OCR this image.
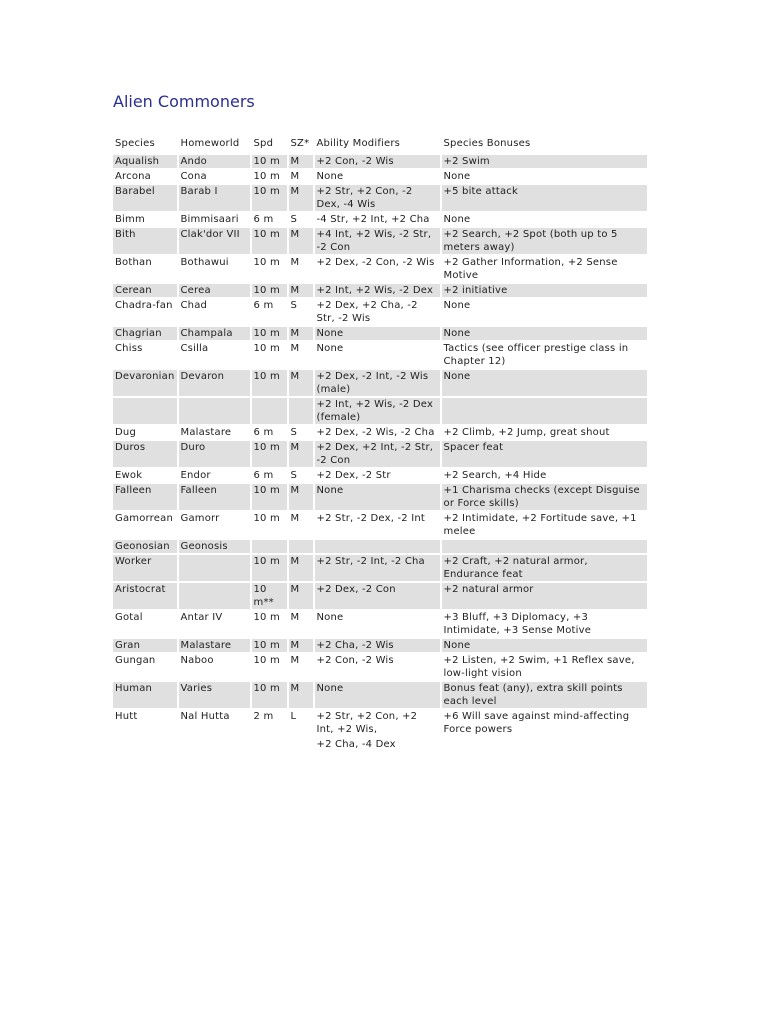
Alien Commoners
Species	Homeworld	Spd	SZ*	Ability Modifiers	Species Bonuses
Aqualish	Ando	10 m	M	+2 Con, -2 Wis	+2 Swim
Arcona	Cona	10 m	M	None	None
Barabel	Barab I	10 m	M	+2 Str, +2 Con, -2 Dex, -4 Wis	+5 bite attack
Bimm	Bimmisaari	6 m	S	-4 Str, +2 Int, +2 Cha	None
Bith	Clak'dor VII	10 m	M	+4 Int, +2 Wis, -2 Str, -2 Con	+2 Search, +2 Spot (both up to 5 meters away)
Bothan	Bothawui	10 m	M	+2 Dex, -2 Con, -2 Wis	+2 Gather Information, +2 Sense Motive
Cerean	Cerea	10 m	M	+2 Int, +2 Wis, -2 Dex	+2 initiative
Chadra-fan	Chad	6 m	S	+2 Dex, +2 Cha, -2 Str, -2 Wis	None
Chagrian	Champala	10 m	M	None	None
Chiss	Csilla	10 m	M	None	Tactics (see officer prestige class in Chapter 12)
Devaronian	Devaron	10 m	M	+2 Dex, -2 Int, -2 Wis (male)	None
				+2 Int, +2 Wis, -2 Dex (female)	
Dug	Malastare	6 m	S	+2 Dex, -2 Wis, -2 Cha	+2 Climb, +2 Jump, great shout
Duros	Duro	10 m	M	+2 Dex, +2 Int, -2 Str, -2 Con	Spacer feat
Ewok	Endor	6 m	S	+2 Dex, -2 Str	+2 Search, +4 Hide
Falleen	Falleen	10 m	M	None	+1 Charisma checks (except Disguise or Force skills)
Gamorrean	Gamorr	10 m	M	+2 Str, -2 Dex, -2 Int	+2 Intimidate, +2 Fortitude save, +1 melee
Geonosian	Geonosis				
Worker		10 m	M	+2 Str, -2 Int, -2 Cha	+2 Craft, +2 natural armor, Endurance feat
Aristocrat		10 m**	M	+2 Dex, -2 Con	+2 natural armor
Gotal	Antar IV	10 m	M	None	+3 Bluff, +3 Diplomacy, +3 Intimidate, +3 Sense Motive
Gran	Malastare	10 m	M	+2 Cha, -2 Wis	None
Gungan	Naboo	10 m	M	+2 Con, -2 Wis	+2 Listen, +2 Swim, +1 Reflex save, low-light vision
Human	Varies	10 m	M	None	Bonus feat (any), extra skill points each level
Hutt	Nal Hutta	2 m	L	+2 Str, +2 Con, +2 Int, +2 Wis,	+6 Will save against mind-affecting Force powers
				+2 Cha, -4 Dex	
